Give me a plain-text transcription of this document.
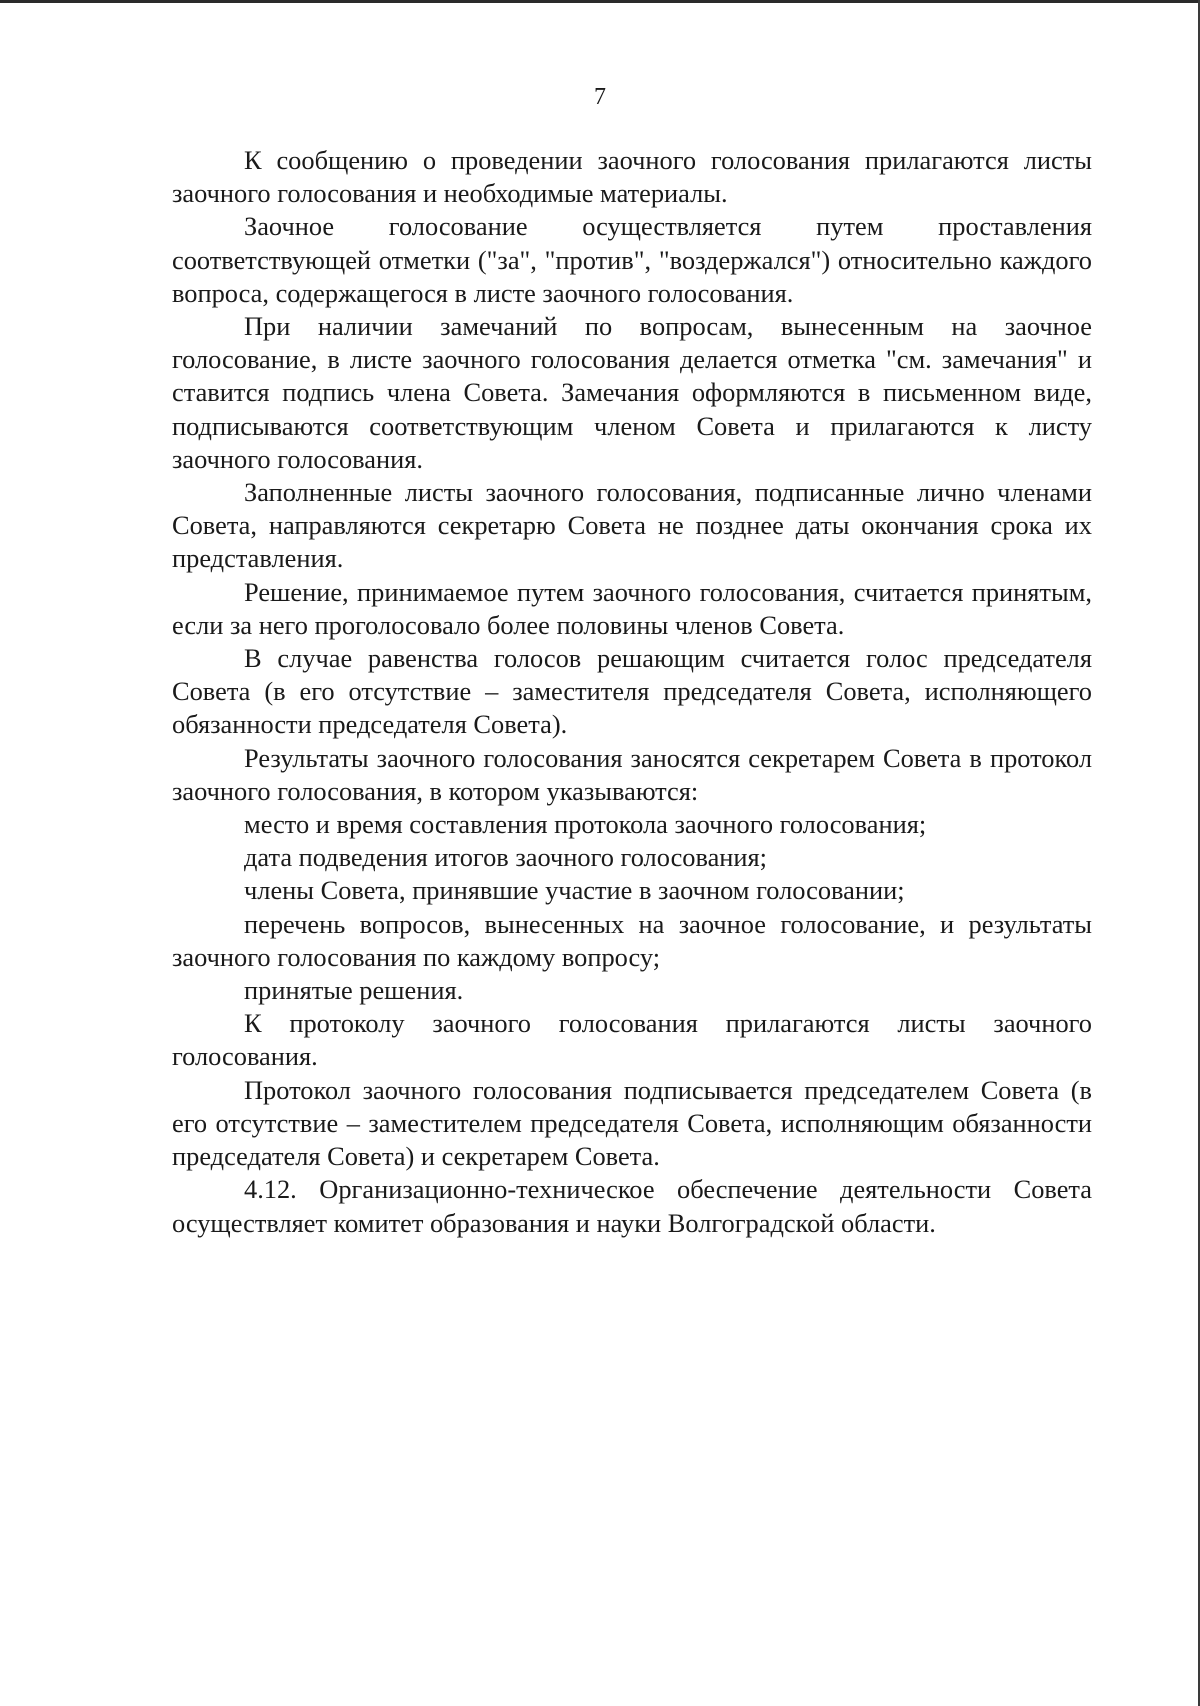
7

К сообщению о проведении заочного голосования прилагаются листы заочного голосования и необходимые материалы.

Заочное голосование осуществляется путем проставления соответствующей отметки ("за", "против", "воздержался") относительно каждого вопроса, содержащегося в листе заочного голосования.

При наличии замечаний по вопросам, вынесенным на заочное голосование, в листе заочного голосования делается отметка "см. замечания" и ставится подпись члена Совета. Замечания оформляются в письменном виде, подписываются соответствующим членом Совета и прилагаются к листу заочного голосования.

Заполненные листы заочного голосования, подписанные лично членами Совета, направляются секретарю Совета не позднее даты окончания срока их представления.

Решение, принимаемое путем заочного голосования, считается принятым, если за него проголосовало более половины членов Совета.

В случае равенства голосов решающим считается голос председателя Совета (в его отсутствие – заместителя председателя Совета, исполняющего обязанности председателя Совета).

Результаты заочного голосования заносятся секретарем Совета в протокол заочного голосования, в котором указываются:

место и время составления протокола заочного голосования;

дата подведения итогов заочного голосования;

члены Совета, принявшие участие в заочном голосовании;

перечень вопросов, вынесенных на заочное голосование, и результаты заочного голосования по каждому вопросу;

принятые решения.

К протоколу заочного голосования прилагаются листы заочного голосования.

Протокол заочного голосования подписывается председателем Совета (в его отсутствие – заместителем председателя Совета, исполняющим обязанности председателя Совета) и секретарем Совета.

4.12. Организационно-техническое обеспечение деятельности Совета осуществляет комитет образования и науки Волгоградской области.
